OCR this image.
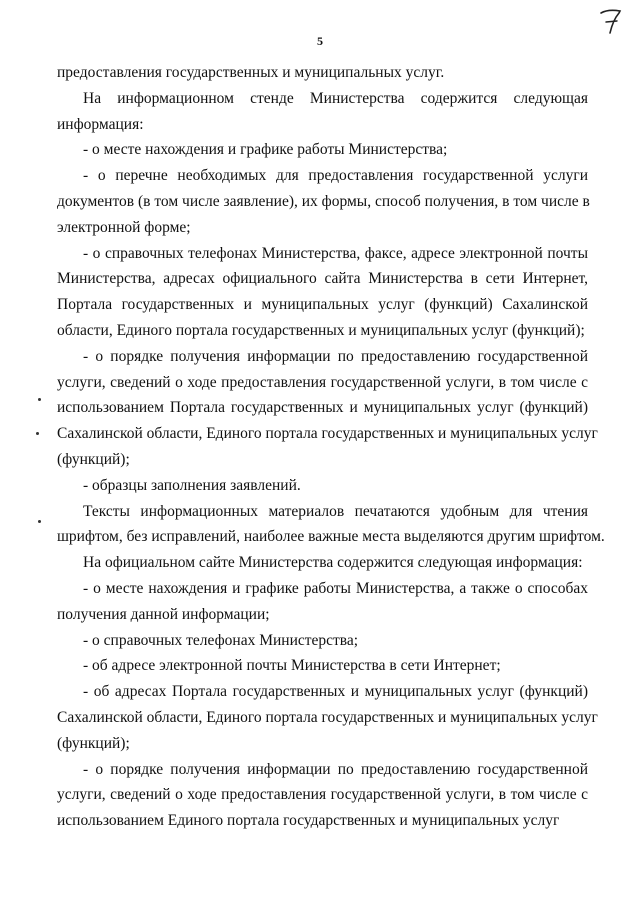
5
предоставления государственных и муниципальных услуг.
На информационном стенде Министерства содержится следующая
информация:
- о месте нахождения и графике работы Министерства;
- о перечне необходимых для предоставления государственной услуги
документов (в том числе заявление), их формы, способ получения, в том числе в
электронной форме;
- о справочных телефонах Министерства, факсе, адресе электронной почты
Министерства, адресах официального сайта Министерства в сети Интернет,
Портала государственных и муниципальных услуг (функций) Сахалинской
области, Единого портала государственных и муниципальных услуг (функций);
- о порядке получения информации по предоставлению государственной
услуги, сведений о ходе предоставления государственной услуги, в том числе с
использованием Портала государственных и муниципальных услуг (функций)
Сахалинской области, Единого портала государственных и муниципальных услуг
(функций);
- образцы заполнения заявлений.
Тексты информационных материалов печатаются удобным для чтения
шрифтом, без исправлений, наиболее важные места выделяются другим шрифтом.
На официальном сайте Министерства содержится следующая информация:
- о месте нахождения и графике работы Министерства, а также о способах
получения данной информации;
- о справочных телефонах Министерства;
- об адресе электронной почты Министерства в сети Интернет;
- об адресах Портала государственных и муниципальных услуг (функций)
Сахалинской области, Единого портала государственных и муниципальных услуг
(функций);
- о порядке получения информации по предоставлению государственной
услуги, сведений о ходе предоставления государственной услуги, в том числе с
использованием Единого портала государственных и муниципальных услуг
